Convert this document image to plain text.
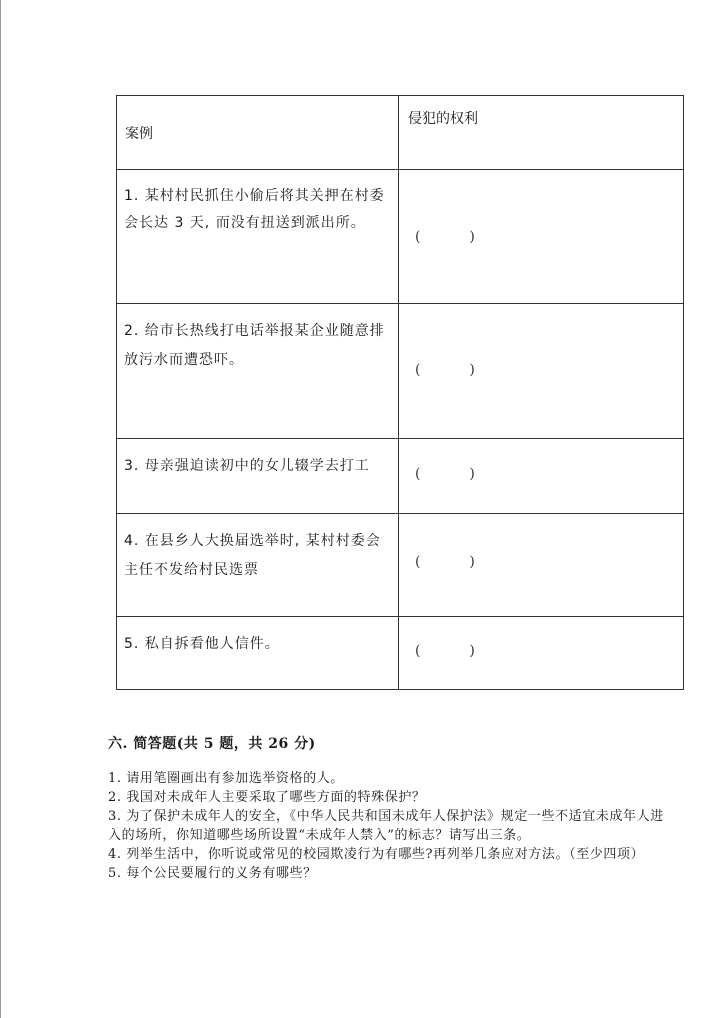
案例	侵犯的权利

1. 某村村民抓住小偷后将其关押在村委
会长达 3 天, 而没有扭送到派出所。	(           )

2. 给市长热线打电话举报某企业随意排
放污水而遭恐吓。	(           )

3. 母亲强迫读初中的女儿辍学去打工	(           )

4. 在县乡人大换届选举时, 某村村委会
主任不发给村民选票	(           )

5. 私自拆看他人信件。	(           )

六. 简答题(共 5 题，共 26 分)

1. 请用笔圈画出有参加选举资格的人。

2. 我国对未成年人主要采取了哪些方面的特殊保护？

3. 为了保护未成年人的安全，《中华人民共和国未成年人保护法》规定一些不适宜未成年人进入的场所，你知道哪些场所设置“未成年人禁入”的标志？请写出三条。

4. 列举生活中，你听说或常见的校园欺凌行为有哪些?再列举几条应对方法。（至少四项）

5. 每个公民要履行的义务有哪些？
